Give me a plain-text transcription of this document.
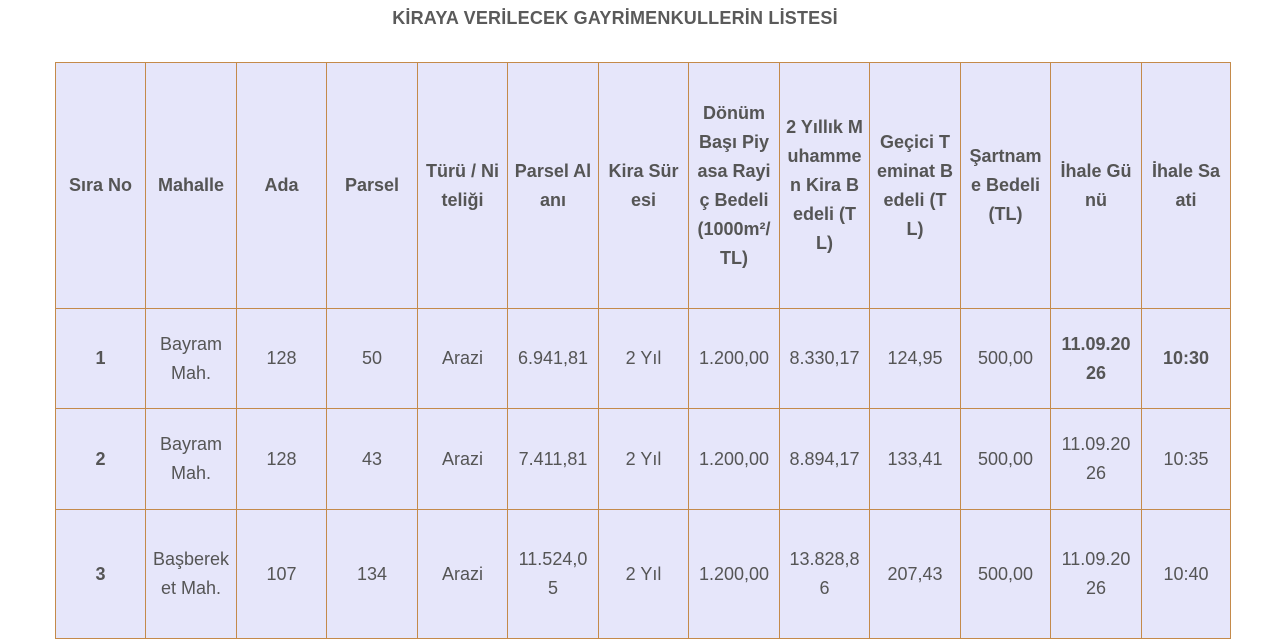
KİRAYA VERİLECEK GAYRİMENKULLERİN LİSTESİ
Sıra No	Mahalle	Ada	Parsel	Türü / Niteliği	Parsel Alanı	Kira Süresi	Dönüm Başı Piyasa Rayiç Bedeli (1000m²/TL)	2 Yıllık Muhammen Kira Bedeli (TL)	Geçici Teminat Bedeli (TL)	Şartname Bedeli (TL)	İhale Günü	İhale Saati
1	Bayram Mah.	128	50	Arazi	6.941,81	2 Yıl	1.200,00	8.330,17	124,95	500,00	11.09.2026	10:30
2	Bayram Mah.	128	43	Arazi	7.411,81	2 Yıl	1.200,00	8.894,17	133,41	500,00	11.09.2026	10:35
3	Başbereket Mah.	107	134	Arazi	11.524,05	2 Yıl	1.200,00	13.828,86	207,43	500,00	11.09.2026	10:40
